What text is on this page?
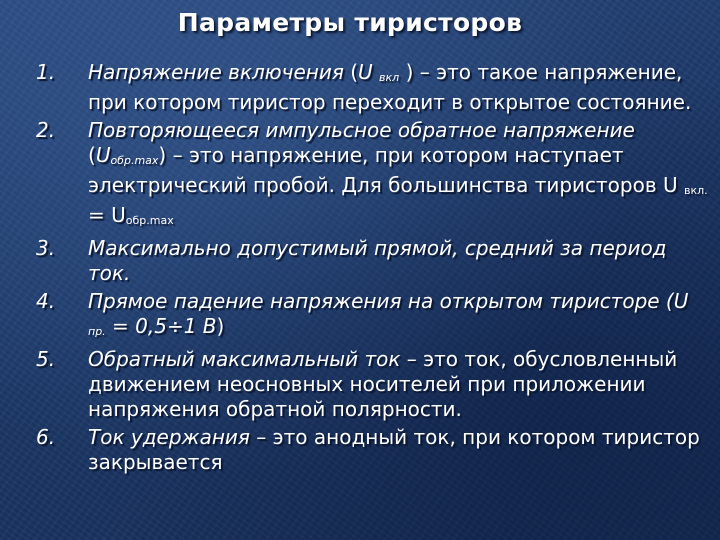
Параметры тиристоров
1. Напряжение включения (U вкл ) – это такое напряжение, при котором тиристор переходит в открытое состояние.
2. Повторяющееся импульсное обратное напряжение (Uобр.max) – это напряжение, при котором наступает электрический пробой. Для большинства тиристоров U вкл. = Uобр.max
3. Максимально допустимый прямой, средний за период ток.
4. Прямое падение напряжения на открытом тиристоре (U пр. = 0,5÷1 В)
5. Обратный максимальный ток – это ток, обусловленный движением неосновных носителей при приложении напряжения обратной полярности.
6. Ток удержания – это анодный ток, при котором тиристор закрывается
